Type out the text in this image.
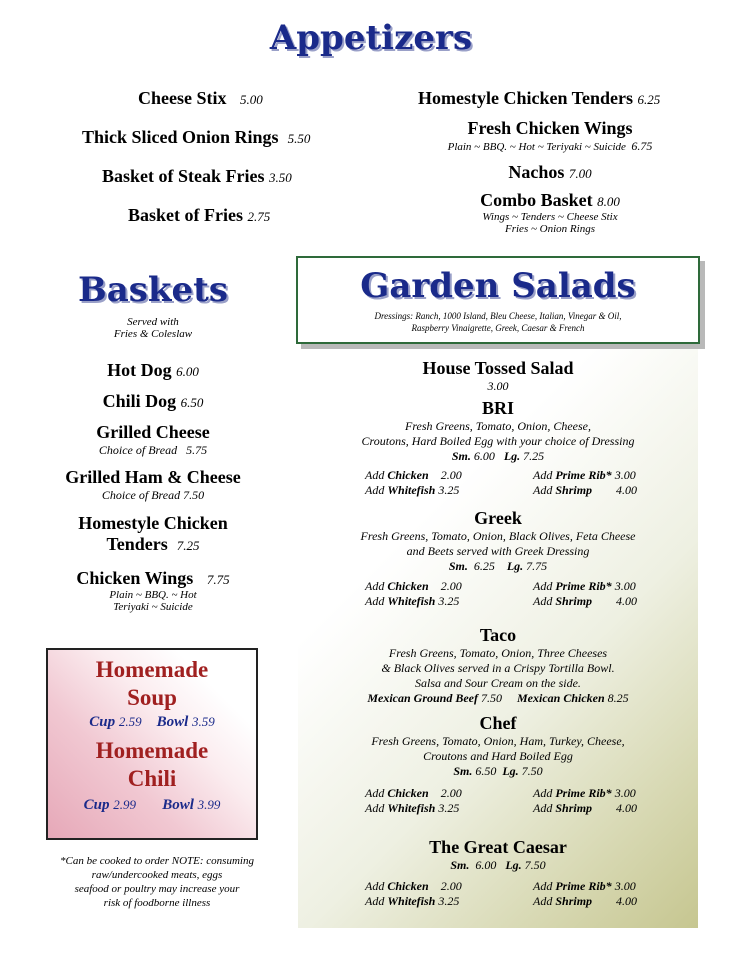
Appetizers
Cheese Stix 5.00
Thick Sliced Onion Rings 5.50
Basket of Steak Fries 3.50
Basket of Fries 2.75
Homestyle Chicken Tenders 6.25
Fresh Chicken Wings
Plain ~ BBQ. ~ Hot ~ Teriyaki ~ Suicide 6.75
Nachos 7.00
Combo Basket 8.00
Wings ~ Tenders ~ Cheese Stix
Fries ~ Onion Rings
Baskets
Served with
Fries & Coleslaw
Hot Dog 6.00
Chili Dog 6.50
Grilled Cheese
Choice of Bread 5.75
Grilled Ham & Cheese
Choice of Bread 7.50
Homestyle Chicken
Tenders 7.25
Chicken Wings 7.75
Plain ~ BBQ. ~ Hot
Teriyaki ~ Suicide
Homemade
Soup
Cup 2.59 Bowl 3.59
Homemade
Chili
Cup 2.99 Bowl 3.99
*Can be cooked to order NOTE: consuming
raw/undercooked meats, eggs
seafood or poultry may increase your
risk of foodborne illness
Garden Salads
Dressings: Ranch, 1000 Island, Bleu Cheese, Italian, Vinegar & Oil,
Raspberry Vinaigrette, Greek, Caesar & French
House Tossed Salad
3.00
BRI
Fresh Greens, Tomato, Onion, Cheese,
Croutons, Hard Boiled Egg with your choice of Dressing
Sm. 6.00 Lg. 7.25
Add Chicken 2.00
Add Whitefish 3.25
Add Prime Rib* 3.00
Add Shrimp 4.00
Greek
Fresh Greens, Tomato, Onion, Black Olives, Feta Cheese
and Beets served with Greek Dressing
Sm. 6.25 Lg. 7.75
Add Chicken 2.00
Add Whitefish 3.25
Add Prime Rib* 3.00
Add Shrimp 4.00
Taco
Fresh Greens, Tomato, Onion, Three Cheeses
& Black Olives served in a Crispy Tortilla Bowl.
Salsa and Sour Cream on the side.
Mexican Ground Beef 7.50 Mexican Chicken 8.25
Chef
Fresh Greens, Tomato, Onion, Ham, Turkey, Cheese,
Croutons and Hard Boiled Egg
Sm. 6.50 Lg. 7.50
Add Chicken 2.00
Add Whitefish 3.25
Add Prime Rib* 3.00
Add Shrimp 4.00
The Great Caesar
Sm. 6.00 Lg. 7.50
Add Chicken 2.00
Add Whitefish 3.25
Add Prime Rib* 3.00
Add Shrimp 4.00
